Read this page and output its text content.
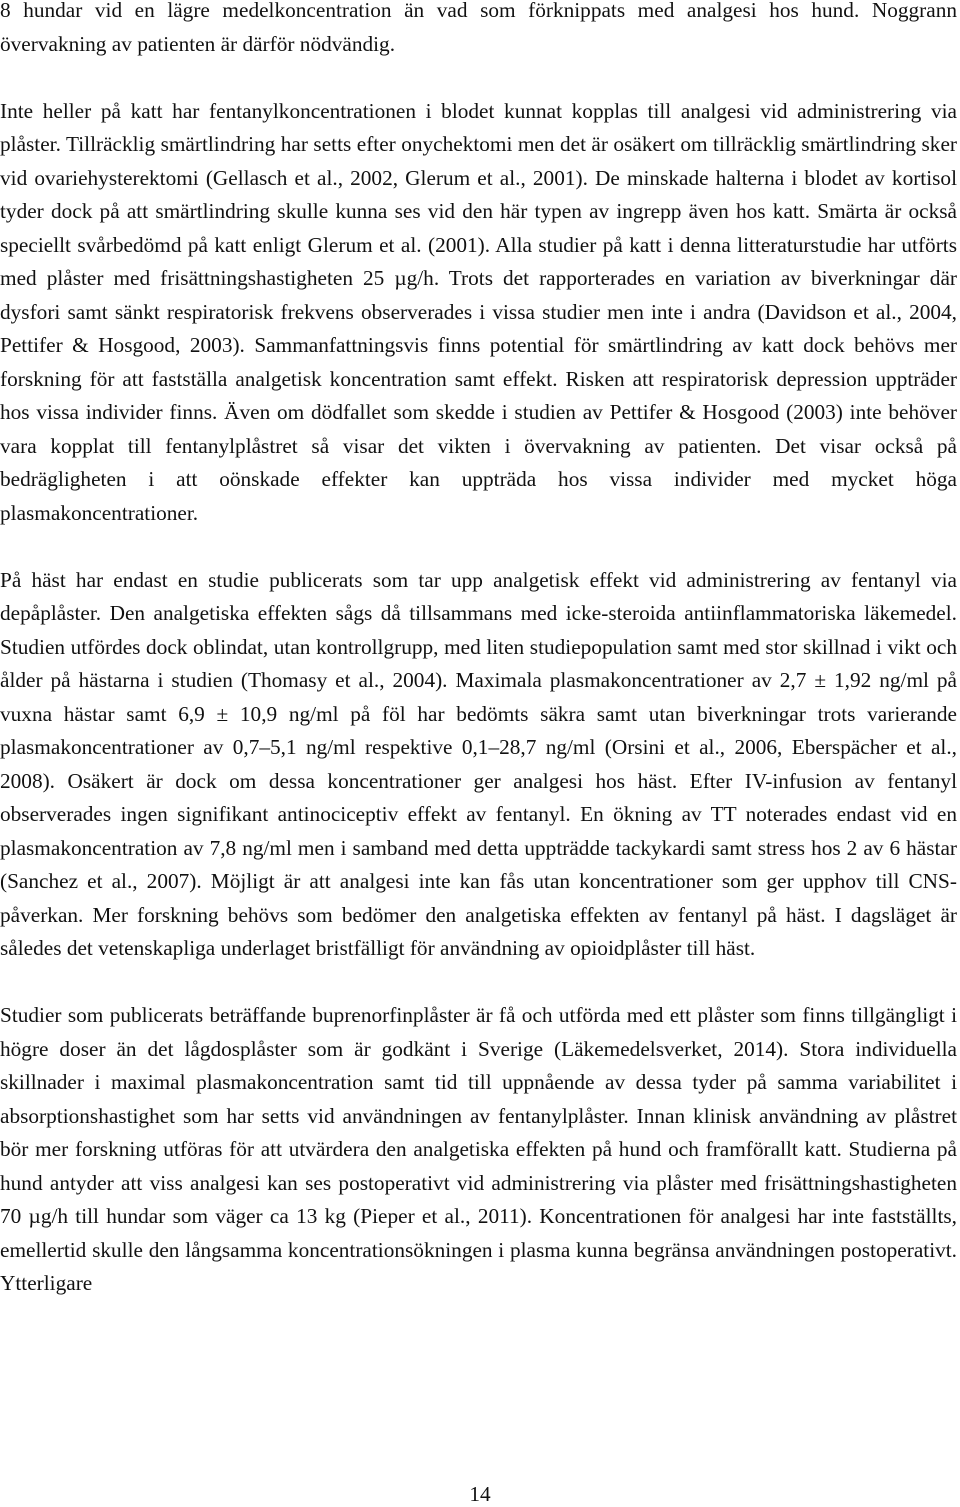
8 hundar vid en lägre medelkoncentration än vad som förknippats med analgesi hos hund. Noggrann övervakning av patienten är därför nödvändig.

Inte heller på katt har fentanylkoncentrationen i blodet kunnat kopplas till analgesi vid administrering via plåster. Tillräcklig smärtlindring har setts efter onychektomi men det är osäkert om tillräcklig smärtlindring sker vid ovariehysterektomi (Gellasch et al., 2002, Glerum et al., 2001). De minskade halterna i blodet av kortisol tyder dock på att smärtlindring skulle kunna ses vid den här typen av ingrepp även hos katt. Smärta är också speciellt svårbedömd på katt enligt Glerum et al. (2001). Alla studier på katt i denna litteraturstudie har utförts med plåster med frisättningshastigheten 25 µg/h. Trots det rapporterades en variation av biverkningar där dysfori samt sänkt respiratorisk frekvens observerades i vissa studier men inte i andra (Davidson et al., 2004, Pettifer & Hosgood, 2003). Sammanfattningsvis finns potential för smärtlindring av katt dock behövs mer forskning för att fastställa analgetisk koncentration samt effekt. Risken att respiratorisk depression uppträder hos vissa individer finns. Även om dödfallet som skedde i studien av Pettifer & Hosgood (2003) inte behöver vara kopplat till fentanylplåstret så visar det vikten i övervakning av patienten. Det visar också på bedrägligheten i att oönskade effekter kan uppträda hos vissa individer med mycket höga plasmakoncentrationer.

På häst har endast en studie publicerats som tar upp analgetisk effekt vid administrering av fentanyl via depåplåster. Den analgetiska effekten sågs då tillsammans med icke-steroida antiinflammatoriska läkemedel. Studien utfördes dock oblindat, utan kontrollgrupp, med liten studiepopulation samt med stor skillnad i vikt och ålder på hästarna i studien (Thomasy et al., 2004). Maximala plasmakoncentrationer av 2,7 ± 1,92 ng/ml på vuxna hästar samt 6,9 ± 10,9 ng/ml på föl har bedömts säkra samt utan biverkningar trots varierande plasmakoncentrationer av 0,7–5,1 ng/ml respektive 0,1–28,7 ng/ml (Orsini et al., 2006, Eberspächer et al., 2008). Osäkert är dock om dessa koncentrationer ger analgesi hos häst. Efter IV-infusion av fentanyl observerades ingen signifikant antinociceptiv effekt av fentanyl. En ökning av TT noterades endast vid en plasmakoncentration av 7,8 ng/ml men i samband med detta uppträdde tackykardi samt stress hos 2 av 6 hästar (Sanchez et al., 2007). Möjligt är att analgesi inte kan fås utan koncentrationer som ger upphov till CNS-påverkan. Mer forskning behövs som bedömer den analgetiska effekten av fentanyl på häst. I dagsläget är således det vetenskapliga underlaget bristfälligt för användning av opioidplåster till häst.

Studier som publicerats beträffande buprenorfinplåster är få och utförda med ett plåster som finns tillgängligt i högre doser än det lågdosplåster som är godkänt i Sverige (Läkemedelsverket, 2014). Stora individuella skillnader i maximal plasmakoncentration samt tid till uppnående av dessa tyder på samma variabilitet i absorptionshastighet som har setts vid användningen av fentanylplåster. Innan klinisk användning av plåstret bör mer forskning utföras för att utvärdera den analgetiska effekten på hund och framförallt katt. Studierna på hund antyder att viss analgesi kan ses postoperativt vid administrering via plåster med frisättningshastigheten 70 µg/h till hundar som väger ca 13 kg (Pieper et al., 2011). Koncentrationen för analgesi har inte fastställts, emellertid skulle den långsamma koncentrationsökningen i plasma kunna begränsa användningen postoperativt. Ytterligare

14
